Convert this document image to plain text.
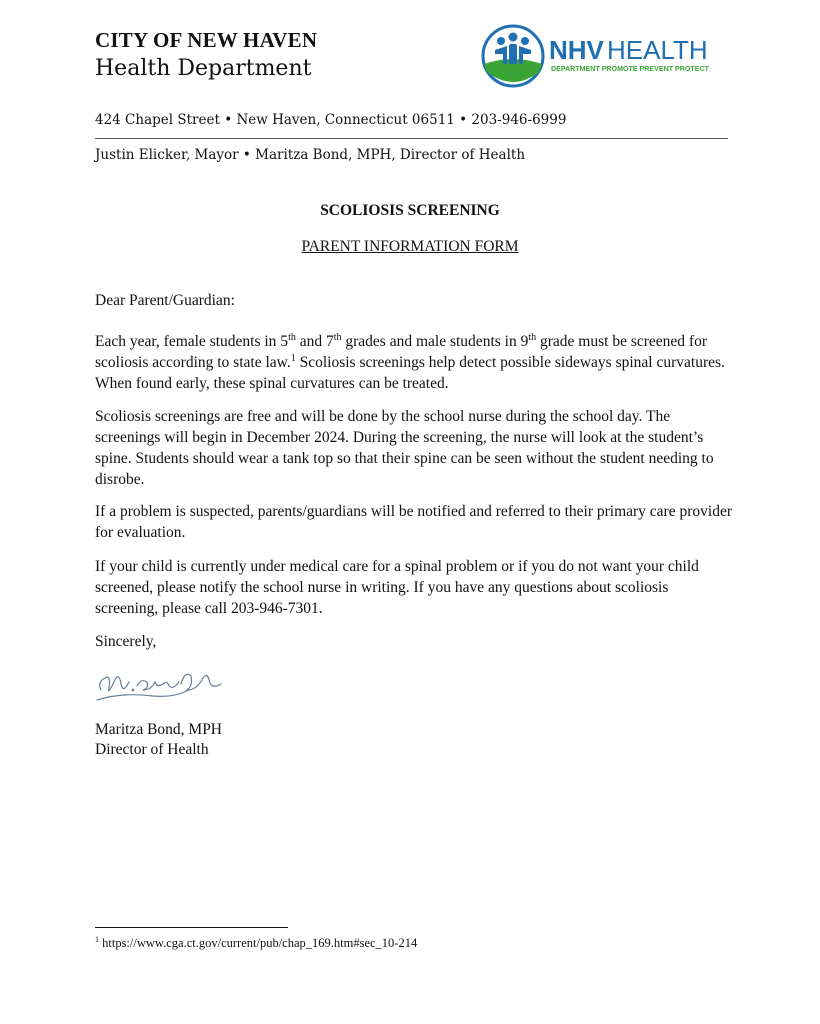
CITY OF NEW HAVEN
Health Department
NHV HEALTH
DEPARTMENT PROMOTE PREVENT PROTECT
424 Chapel Street • New Haven, Connecticut 06511 • 203-946-6999
Justin Elicker, Mayor • Maritza Bond, MPH, Director of Health
SCOLIOSIS SCREENING
PARENT INFORMATION FORM
Dear Parent/Guardian:
Each year, female students in 5th and 7th grades and male students in 9th grade must be screened for scoliosis according to state law.$^1$ Scoliosis screenings help detect possible sideways spinal curvatures. When found early, these spinal curvatures can be treated.
Scoliosis screenings are free and will be done by the school nurse during the school day. The screenings will begin in December 2024. During the screening, the nurse will look at the student’s spine. Students should wear a tank top so that their spine can be seen without the student needing to disrobe.
If a problem is suspected, parents/guardians will be notified and referred to their primary care provider for evaluation.
If your child is currently under medical care for a spinal problem or if you do not want your child screened, please notify the school nurse in writing. If you have any questions about scoliosis screening, please call 203-946-7301.
Sincerely,
Maritza Bond, MPH
Director of Health
$^1$ https://www.cga.ct.gov/current/pub/chap_169.htm#sec_10-214
